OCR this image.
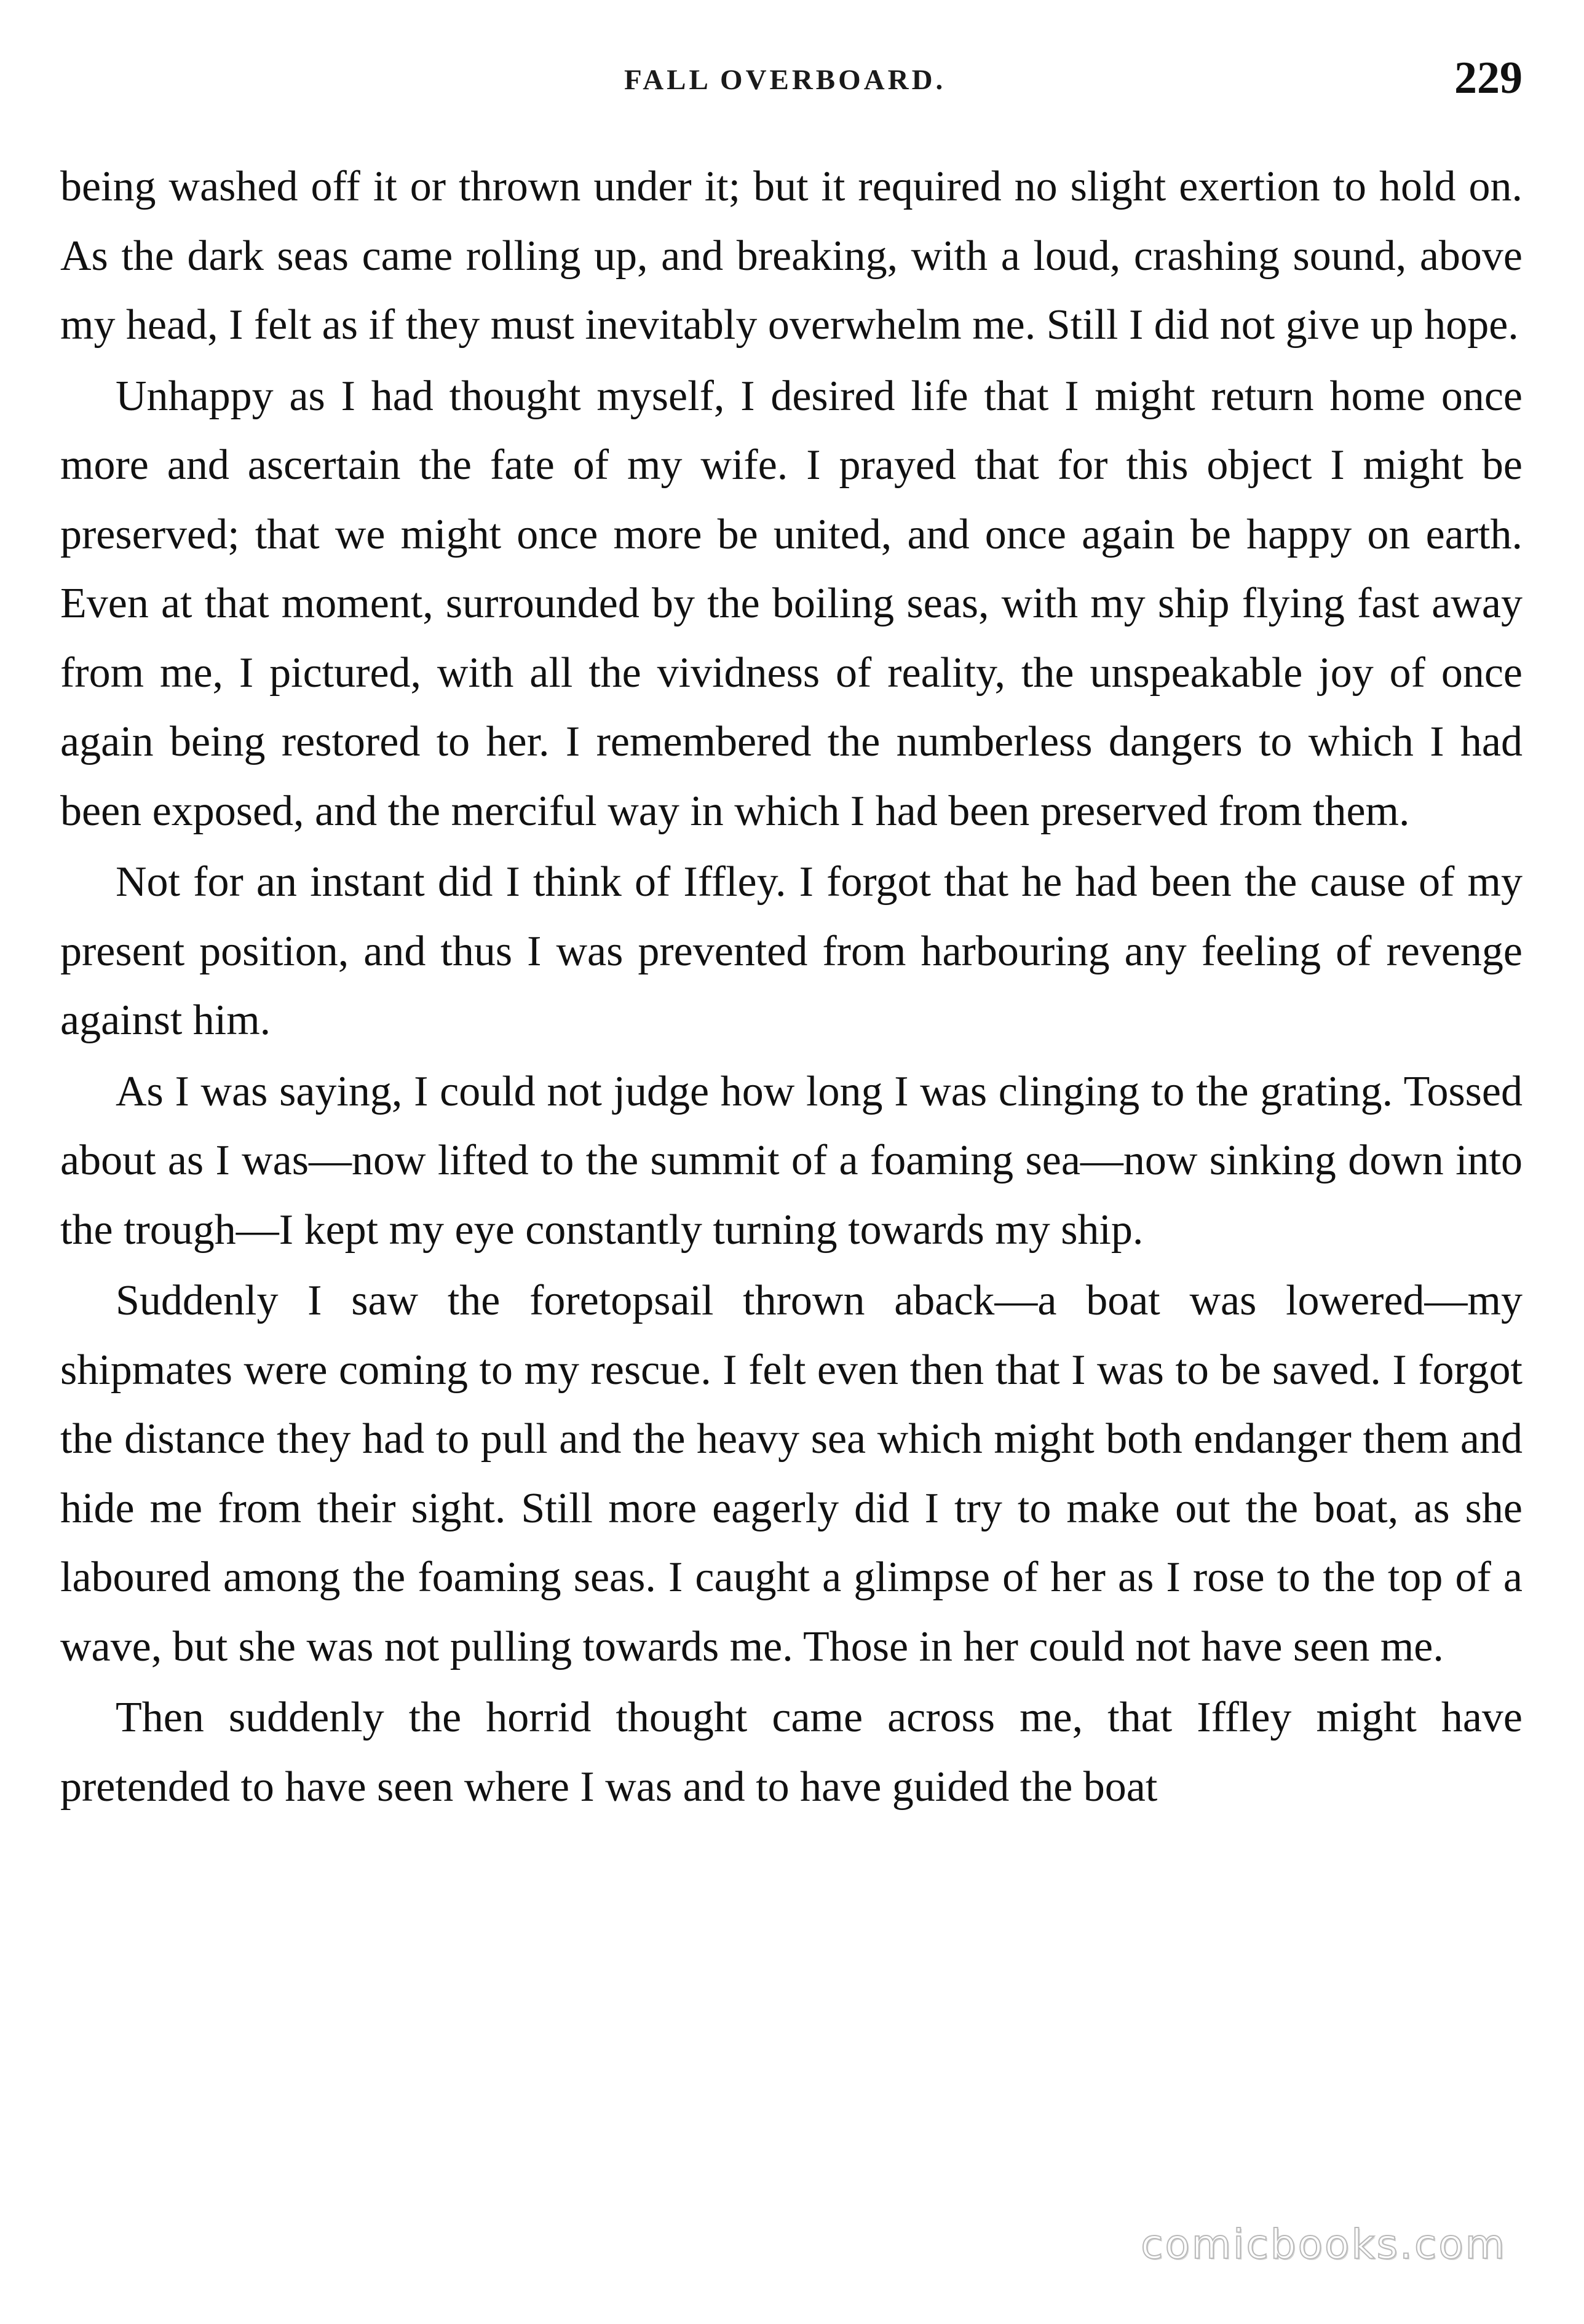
FALL OVERBOARD.	229

being washed off it or thrown under it; but it required no slight exertion to hold on. As the dark seas came rolling up, and breaking, with a loud, crashing sound, above my head, I felt as if they must inevitably overwhelm me. Still I did not give up hope.

Unhappy as I had thought myself, I desired life that I might return home once more and ascertain the fate of my wife. I prayed that for this object I might be preserved; that we might once more be united, and once again be happy on earth. Even at that moment, surrounded by the boiling seas, with my ship flying fast away from me, I pictured, with all the vividness of reality, the unspeakable joy of once again being restored to her. I remembered the numberless dangers to which I had been exposed, and the merciful way in which I had been preserved from them.

Not for an instant did I think of Iffley. I forgot that he had been the cause of my present position, and thus I was prevented from harbouring any feeling of revenge against him.

As I was saying, I could not judge how long I was clinging to the grating. Tossed about as I was—now lifted to the summit of a foaming sea—now sinking down into the trough—I kept my eye constantly turning towards my ship.

Suddenly I saw the foretopsail thrown aback—a boat was lowered—my shipmates were coming to my rescue. I felt even then that I was to be saved. I forgot the distance they had to pull and the heavy sea which might both endanger them and hide me from their sight. Still more eagerly did I try to make out the boat, as she laboured among the foaming seas. I caught a glimpse of her as I rose to the top of a wave, but she was not pulling towards me. Those in her could not have seen me.

Then suddenly the horrid thought came across me, that Iffley might have pretended to have seen where I was and to have guided the boat

comicbooks.com
